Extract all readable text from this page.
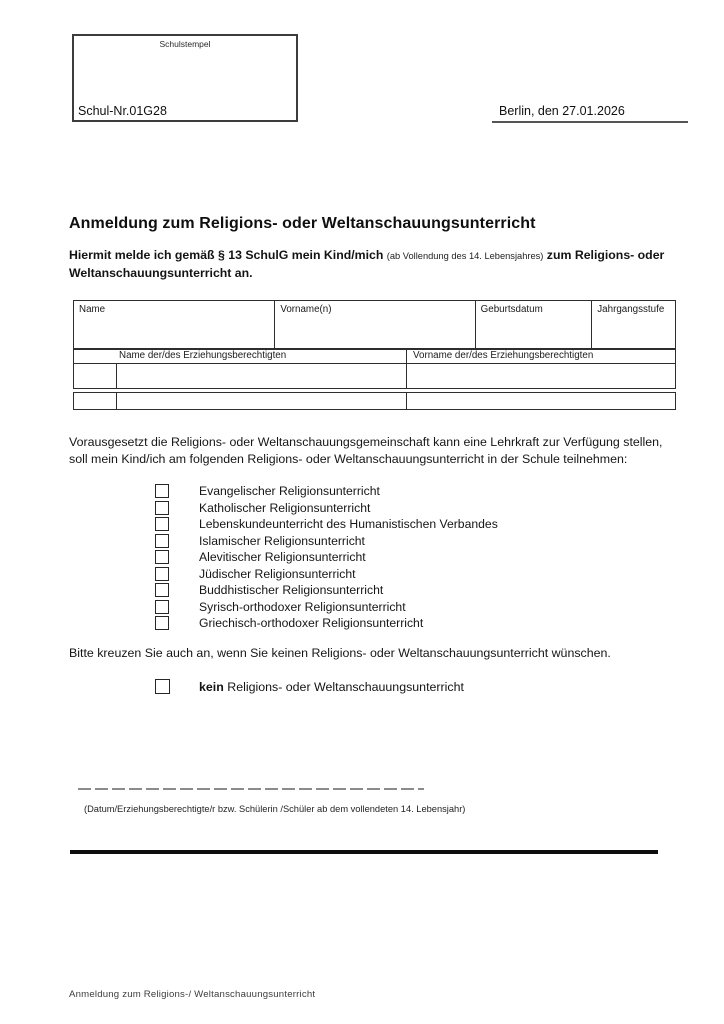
Schulstempel
Schul-Nr.01G28	Berlin, den 27.01.2026
Anmeldung zum Religions- oder Weltanschauungsunterricht
Hiermit melde ich gemäß § 13 SchulG mein Kind/mich (ab Vollendung des 14. Lebensjahres) zum Religions- oder
Weltanschauungsunterricht an.
Name	Vorname(n)	Geburtsdatum	Jahrgangsstufe
Name der/des Erziehungsberechtigten	Vorname der/des Erziehungsberechtigten
Vorausgesetzt die Religions- oder Weltanschauungsgemeinschaft kann eine Lehrkraft zur Verfügung stellen,
soll mein Kind/ich am folgenden Religions- oder Weltanschauungsunterricht in der Schule teilnehmen:
Evangelischer Religionsunterricht
Katholischer Religionsunterricht
Lebenskundeunterricht des Humanistischen Verbandes
Islamischer Religionsunterricht
Alevitischer Religionsunterricht
Jüdischer Religionsunterricht
Buddhistischer Religionsunterricht
Syrisch-orthodoxer Religionsunterricht
Griechisch-orthodoxer Religionsunterricht
Bitte kreuzen Sie auch an, wenn Sie keinen Religions- oder Weltanschauungsunterricht wünschen.
kein Religions- oder Weltanschauungsunterricht
(Datum/Erziehungsberechtigte/r bzw. Schülerin /Schüler ab dem vollendeten 14. Lebensjahr)
Anmeldung zum Religions-/ Weltanschauungsunterricht
